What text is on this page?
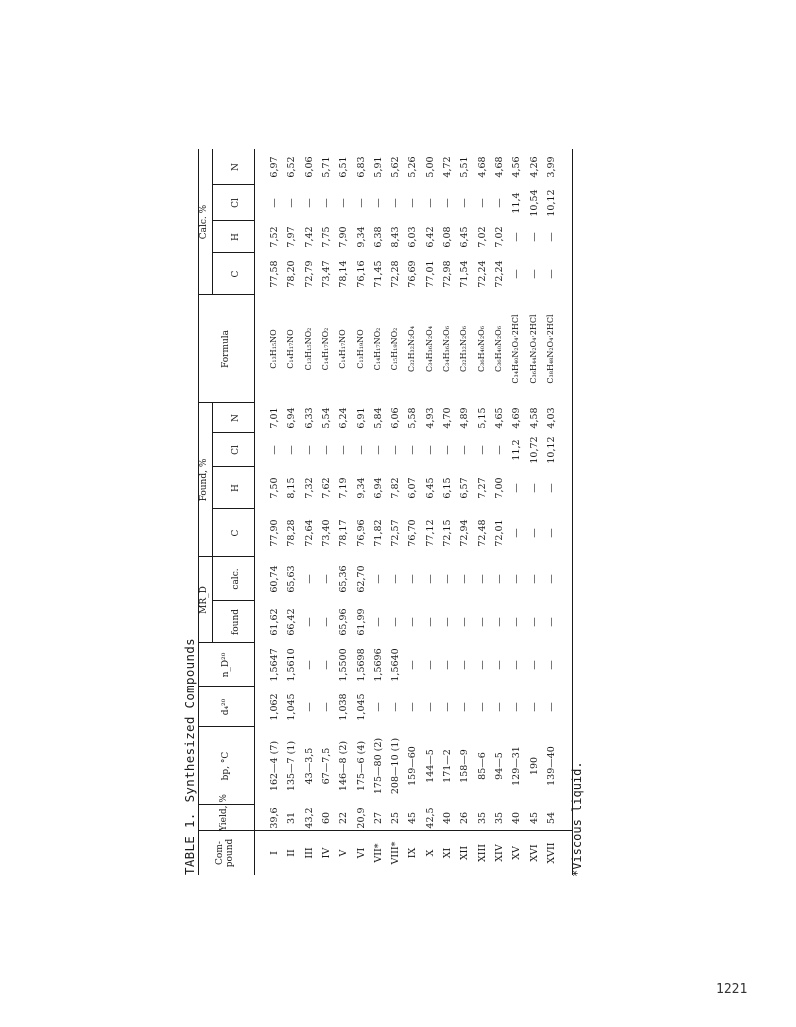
TABLE 1.Synthesized Compounds
Com-
pound
Yield, %
bp, °C
d₄²⁰
n_D²⁰
MR_D
found
calc.
Found, %
C
H
Cl
N
Formula
Calc. %
C
H
Cl
N
I
39,6
162—4 (7)
1,062
1,5647
61,62
60,74
77,90
7,50
—
7,01
C₁₃H₁₅NO
77,58
7,52
—
6,97
II
31
135—7 (1)
1,045
1,5610
66,42
65,63
78,28
8,15
—
6,94
C₁₄H₁₇NO
78,20
7,97
—
6,52
III
43,2
43—3,5
—
—
—
—
72,64
7,32
—
6,33
C₁₃H₁₅NO₂
72,79
7,42
—
6,06
IV
60
67—7,5
—
—
—
—
73,40
7,62
—
5,54
C₁₄H₁₇NO₂
73,47
7,75
—
5,71
V
22
146—8 (2)
1,038
1,5500
65,96
65,36
78,17
7,19
—
6,24
C₁₄H₁₇NO
78,14
7,90
—
6,51
VI
20,9
175—6 (4)
1,045
1,5698
61,99
62,70
76,96
9,34
—
6,91
C₁₃H₁₉NO
76,16
9,34
—
6,83
VII*
27
175—80 (2)
—
1,5696
—
—
71,82
6,94
—
5,84
C₁₄H₁₇NO₂
71,45
6,38
—
5,91
VIII*
25
208—10 (1)
—
1,5640
—
—
72,57
7,82
—
6,06
C₁₅H₁₉NO₂
72,28
8,43
—
5,62
IX
45
159—60
—
—
—
—
76,70
6,07
—
5,58
C₃₂H₃₂N₂O₄
76,69
6,03
—
5,26
X
42,5
144—5
—
—
—
—
77,12
6,45
—
4,93
C₃₄H₃₆N₂O₄
77,01
6,42
—
5,00
XI
40
171—2
—
—
—
—
72,15
6,15
—
4,70
C₃₄H₃₆N₂O₆
72,98
6,08
—
4,72
XII
26
158—9
—
—
—
—
72,94
6,57
—
4,89
C₃₂H₃₂N₂O₆
71,54
6,45
—
5,51
XIII
35
85—6
—
—
—
—
72,48
7,27
—
5,15
C₃₆H₄₀N₂O₆
72,24
7,02
—
4,68
XIV
35
94—5
—
—
—
—
72,01
7,00
—
4,65
C₃₆H₄₀N₂O₆
72,24
7,02
—
4,68
XV
40
129—31
—
—
—
—
—
—
11,2
4,69
C₃₄H₄₀N₂O₄·2HCl
—
—
11,4
4,56
XVI
45
190
—
—
—
—
—
—
10,72
4,58
C₃₆H₄₄N₂O₄·2HCl
—
—
10,54
4,26
XVII
54
139—40
—
—
—
—
—
—
10,12
4,03
C₃₈H₄₈N₂O₄·2HCl
—
—
10,12
3,99
*Viscous liquid.
1221
